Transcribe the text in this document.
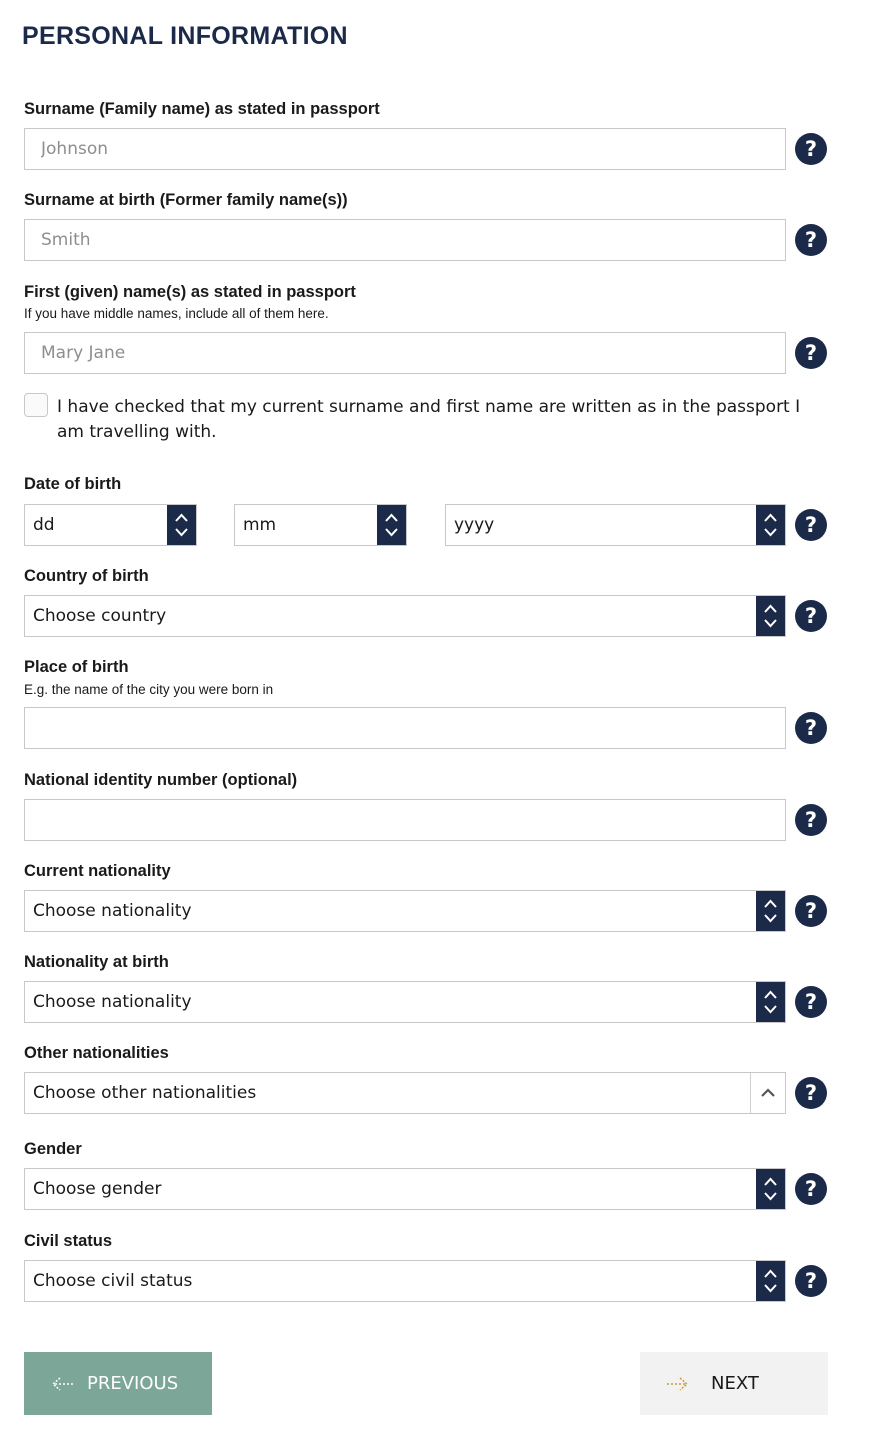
PERSONAL INFORMATION
Surname (Family name) as stated in passport
Johnson
?
Surname at birth (Former family name(s))
Smith
?
First (given) name(s) as stated in passport
If you have middle names, include all of them here.
Mary Jane
?
I have checked that my current surname and first name are written as in the passport I am travelling with.
Date of birth
dd	mm	yyyy	?
Country of birth
Choose country	?
Place of birth
E.g. the name of the city you were born in
?
National identity number (optional)
?
Current nationality
Choose nationality	?
Nationality at birth
Choose nationality	?
Other nationalities
Choose other nationalities	?
Gender
Choose gender	?
Civil status
Choose civil status	?
PREVIOUS	NEXT
